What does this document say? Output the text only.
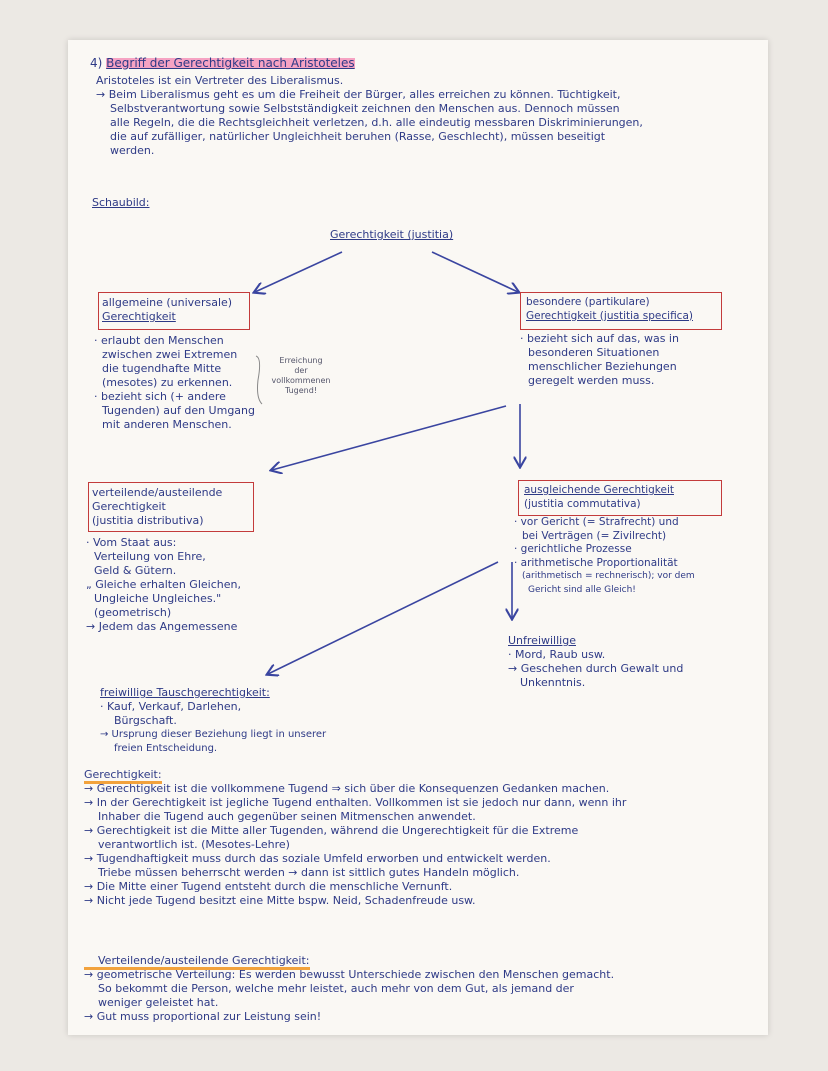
4) Begriff der Gerechtigkeit nach Aristoteles

Aristoteles ist ein Vertreter des Liberalismus.

→ Beim Liberalismus geht es um die Freiheit der Bürger, alles erreichen zu können. Tüchtigkeit,

Selbstverantwortung sowie Selbstständigkeit zeichnen den Menschen aus. Dennoch müssen

alle Regeln, die die Rechtsgleichheit verletzen, d.h. alle eindeutig messbaren Diskriminierungen,

die auf zufälliger, natürlicher Ungleichheit beruhen (Rasse, Geschlecht), müssen beseitigt

werden.

Schaubild:
Gerechtigkeit (justitia)

allgemeine (universale)

Gerechtigkeit

· erlaubt den Menschen

zwischen zwei Extremen

die tugendhafte Mitte

(mesotes) zu erkennen.

· bezieht sich (+ andere

Tugenden) auf den Umgang

mit anderen Menschen.

Erreichung

der

vollkommenen

Tugend!

besondere (partikulare)

Gerechtigkeit (justitia specifica)

· bezieht sich auf das, was in

besonderen Situationen

menschlicher Beziehungen

geregelt werden muss.

verteilende/austeilende

Gerechtigkeit

(justitia distributiva)

· Vom Staat aus:

Verteilung von Ehre,

Geld & Gütern.

„ Gleiche erhalten Gleichen,

Ungleiche Ungleiches."

(geometrisch)

→ Jedem das Angemessene

ausgleichende Gerechtigkeit

(justitia commutativa)

· vor Gericht (= Strafrecht) und

bei Verträgen (= Zivilrecht)

· gerichtliche Prozesse

· arithmetische Proportionalität

(arithmetisch = rechnerisch); vor dem

Gericht sind alle Gleich!

Unfreiwillige

· Mord, Raub usw.

→ Geschehen durch Gewalt und

Unkenntnis.

freiwillige Tauschgerechtigkeit:

· Kauf, Verkauf, Darlehen,

Bürgschaft.

→ Ursprung dieser Beziehung liegt in unserer

freien Entscheidung.

Gerechtigkeit:

→ Gerechtigkeit ist die vollkommene Tugend ⇒ sich über die Konsequenzen Gedanken machen.

→ In der Gerechtigkeit ist jegliche Tugend enthalten. Vollkommen ist sie jedoch nur dann, wenn ihr

Inhaber die Tugend auch gegenüber seinen Mitmenschen anwendet.

→ Gerechtigkeit ist die Mitte aller Tugenden, während die Ungerechtigkeit für die Extreme

verantwortlich ist. (Mesotes-Lehre)

→ Tugendhaftigkeit muss durch das soziale Umfeld erworben und entwickelt werden.

Triebe müssen beherrscht werden → dann ist sittlich gutes Handeln möglich.

→ Die Mitte einer Tugend entsteht durch die menschliche Vernunft.

→ Nicht jede Tugend besitzt eine Mitte bspw. Neid, Schadenfreude usw.

Verteilende/austeilende Gerechtigkeit:

→ geometrische Verteilung: Es werden bewusst Unterschiede zwischen den Menschen gemacht.

So bekommt die Person, welche mehr leistet, auch mehr von dem Gut, als jemand der

weniger geleistet hat.

→ Gut muss proportional zur Leistung sein!
